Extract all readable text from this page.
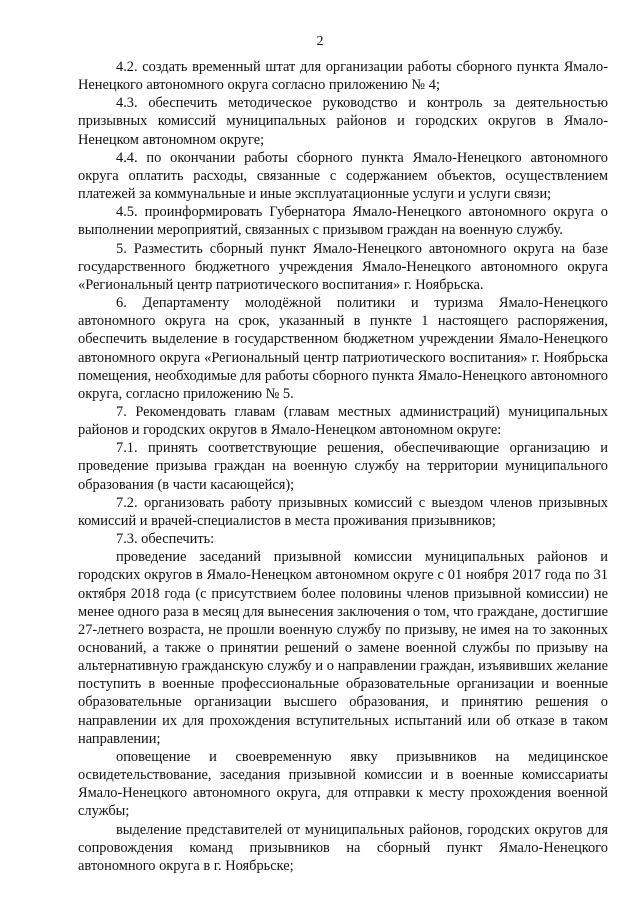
2

4.2. создать временный штат для организации работы сборного пункта Ямало-Ненецкого автономного округа согласно приложению № 4;

4.3. обеспечить методическое руководство и контроль за деятельностью призывных комиссий муниципальных районов и городских округов в Ямало-Ненецком автономном округе;

4.4. по окончании работы сборного пункта Ямало-Ненецкого автономного округа оплатить расходы, связанные с содержанием объектов, осуществлением платежей за коммунальные и иные эксплуатационные услуги и услуги связи;

4.5. проинформировать Губернатора Ямало-Ненецкого автономного округа о выполнении мероприятий, связанных с призывом граждан на военную службу.

5. Разместить сборный пункт Ямало-Ненецкого автономного округа на базе государственного бюджетного учреждения Ямало-Ненецкого автономного округа «Региональный центр патриотического воспитания» г. Ноябрьска.

6. Департаменту молодёжной политики и туризма Ямало-Ненецкого автономного округа на срок, указанный в пункте 1 настоящего распоряжения, обеспечить выделение в государственном бюджетном учреждении Ямало-Ненецкого автономного округа «Региональный центр патриотического воспитания» г. Ноябрьска помещения, необходимые для работы сборного пункта Ямало-Ненецкого автономного округа, согласно приложению № 5.

7. Рекомендовать главам (главам местных администраций) муниципальных районов и городских округов в Ямало-Ненецком автономном округе:

7.1. принять соответствующие решения, обеспечивающие организацию и проведение призыва граждан на военную службу на территории муниципального образования (в части касающейся);

7.2. организовать работу призывных комиссий с выездом членов призывных комиссий и врачей-специалистов в места проживания призывников;

7.3. обеспечить:

проведение заседаний призывной комиссии муниципальных районов и городских округов в Ямало-Ненецком автономном округе с 01 ноября 2017 года по 31 октября 2018 года (с присутствием более половины членов призывной комиссии) не менее одного раза в месяц для вынесения заключения о том, что граждане, достигшие 27-летнего возраста, не прошли военную службу по призыву, не имея на то законных оснований, а также о принятии решений о замене военной службы по призыву на альтернативную гражданскую службу и о направлении граждан, изъявивших желание поступить в военные профессиональные образовательные организации и военные образовательные организации высшего образования, и принятию решения о направлении их для прохождения вступительных испытаний или об отказе в таком направлении;

оповещение и своевременную явку призывников на медицинское освидетельствование, заседания призывной комиссии и в военные комиссариаты Ямало-Ненецкого автономного округа, для отправки к месту прохождения военной службы;

выделение представителей от муниципальных районов, городских округов для сопровождения команд призывников на сборный пункт Ямало-Ненецкого автономного округа в г. Ноябрьске;
